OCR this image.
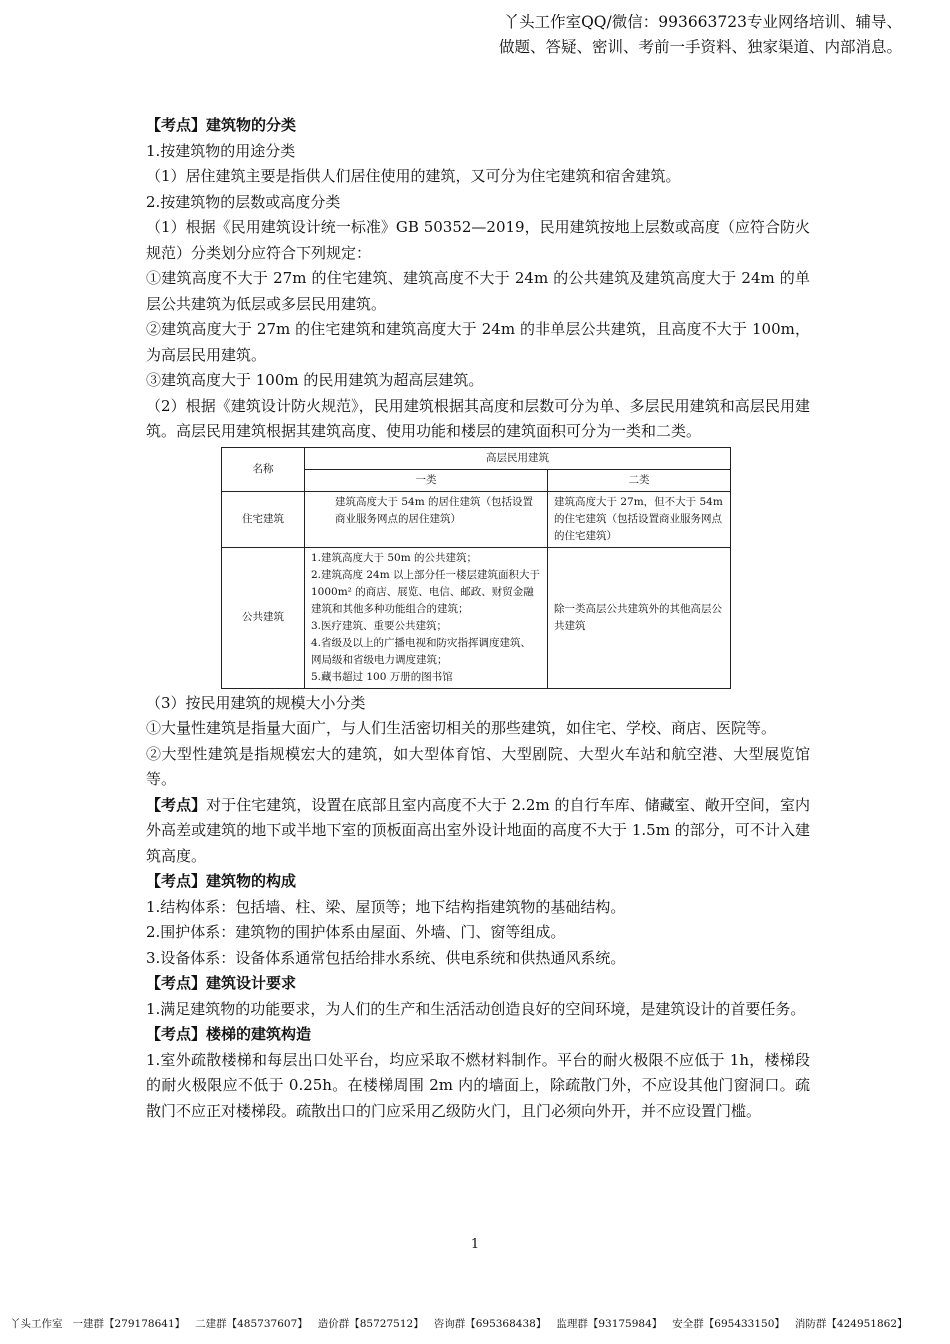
丫头工作室QQ/微信：993663723专业网络培训、辅导、
做题、答疑、密训、考前一手资料、独家渠道、内部消息。

【考点】建筑物的分类

1.按建筑物的用途分类

（1）居住建筑主要是指供人们居住使用的建筑，又可分为住宅建筑和宿舍建筑。

2.按建筑物的层数或高度分类

（1）根据《民用建筑设计统一标准》GB 50352—2019，民用建筑按地上层数或高度（应符合防火规范）分类划分应符合下列规定：

①建筑高度不大于 27m 的住宅建筑、建筑高度不大于 24m 的公共建筑及建筑高度大于 24m 的单层公共建筑为低层或多层民用建筑。

②建筑高度大于 27m 的住宅建筑和建筑高度大于 24m 的非单层公共建筑，且高度不大于 100m，为高层民用建筑。

③建筑高度大于 100m 的民用建筑为超高层建筑。

（2）根据《建筑设计防火规范》，民用建筑根据其高度和层数可分为单、多层民用建筑和高层民用建筑。高层民用建筑根据其建筑高度、使用功能和楼层的建筑面积可分为一类和二类。

名称	高层民用建筑	
	一类	二类
住宅建筑	建筑高度大于 54m 的居住建筑（包括设置商业服务网点的居住建筑）	建筑高度大于 27m，但不大于 54m 的住宅建筑（包括设置商业服务网点的住宅建筑）
公共建筑	1.建筑高度大于 50m 的公共建筑；
2.建筑高度 24m 以上部分任一楼层建筑面积大于 1000m² 的商店、展览、电信、邮政、财贸金融建筑和其他多种功能组合的建筑；
3.医疗建筑、重要公共建筑；
4.省级及以上的广播电视和防灾指挥调度建筑、网局级和省级电力调度建筑；
5.藏书超过 100 万册的图书馆	除一类高层公共建筑外的其他高层公共建筑

（3）按民用建筑的规模大小分类

①大量性建筑是指量大面广，与人们生活密切相关的那些建筑，如住宅、学校、商店、医院等。

②大型性建筑是指规模宏大的建筑，如大型体育馆、大型剧院、大型火车站和航空港、大型展览馆等。

【考点】对于住宅建筑，设置在底部且室内高度不大于 2.2m 的自行车库、储藏室、敞开空间，室内外高差或建筑的地下或半地下室的顶板面高出室外设计地面的高度不大于 1.5m 的部分，可不计入建筑高度。

【考点】建筑物的构成

1.结构体系：包括墙、柱、梁、屋顶等；地下结构指建筑物的基础结构。

2.围护体系：建筑物的围护体系由屋面、外墙、门、窗等组成。

3.设备体系：设备体系通常包括给排水系统、供电系统和供热通风系统。

【考点】建筑设计要求

1.满足建筑物的功能要求，为人们的生产和生活活动创造良好的空间环境，是建筑设计的首要任务。

【考点】楼梯的建筑构造

1.室外疏散楼梯和每层出口处平台，均应采取不燃材料制作。平台的耐火极限不应低于 1h，楼梯段的耐火极限应不低于 0.25h。在楼梯周围 2m 内的墙面上，除疏散门外，不应设其他门窗洞口。疏散门不应正对楼梯段。疏散出口的门应采用乙级防火门，且门必须向外开，并不应设置门槛。

1
丫头工作室 一建群【279178641】 二建群【485737607】 造价群【85727512】 咨询群【695368438】 监理群【93175984】 安全群【695433150】 消防群【424951862】
